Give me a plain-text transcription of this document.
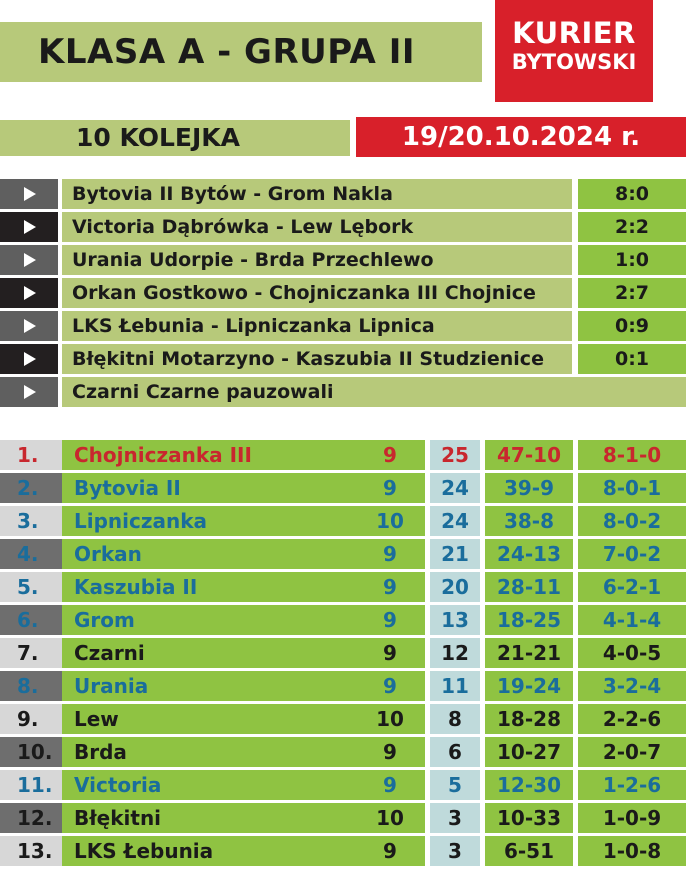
KLASA A - GRUPA II	KURIER
BYTOWSKI
10 KOLEJKA	19/20.10.2024 r.
Bytovia II Bytów - Grom Nakla	8:0
Victoria Dąbrówka - Lew Lębork	2:2
Urania Udorpie - Brda Przechlewo	1:0
Orkan Gostkowo - Chojniczanka III Chojnice	2:7
LKS Łebunia - Lipniczanka Lipnica	0:9
Błękitni Motarzyno - Kaszubia II Studzienice	0:1
Czarni Czarne pauzowali
1.	Chojniczanka III	9	25	47-10	8-1-0
2.	Bytovia II	9	24	39-9	8-0-1
3.	Lipniczanka	10	24	38-8	8-0-2
4.	Orkan	9	21	24-13	7-0-2
5.	Kaszubia II	9	20	28-11	6-2-1
6.	Grom	9	13	18-25	4-1-4
7.	Czarni	9	12	21-21	4-0-5
8.	Urania	9	11	19-24	3-2-4
9.	Lew	10	8	18-28	2-2-6
10.	Brda	9	6	10-27	2-0-7
11.	Victoria	9	5	12-30	1-2-6
12.	Błękitni	10	3	10-33	1-0-9
13.	LKS Łebunia	9	3	6-51	1-0-8
